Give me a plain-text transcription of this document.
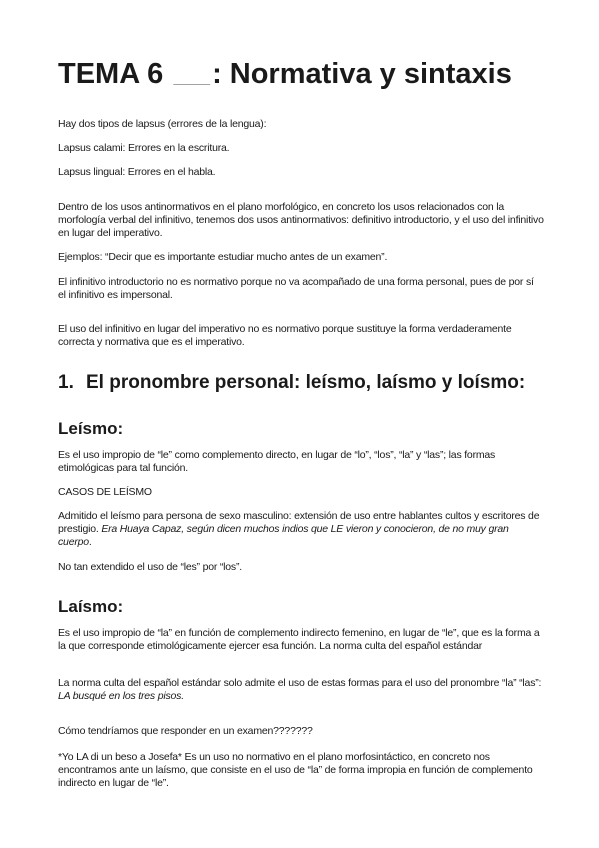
TEMA 6 ___________: Normativa y sintaxis

Hay dos tipos de lapsus (errores de la lengua):

Lapsus calami: Errores en la escritura.

Lapsus lingual: Errores en el habla.

Dentro de los usos antinormativos en el plano morfológico, en concreto los usos relacionados con la morfología verbal del infinitivo, tenemos dos usos antinormativos: definitivo introductorio, y el uso del infinitivo en lugar del imperativo.

Ejemplos: “Decir que es importante estudiar mucho antes de un examen”.

El infinitivo introductorio no es normativo porque no va acompañado de una forma personal, pues de por sí el infinitivo es impersonal.

El uso del infinitivo en lugar del imperativo no es normativo porque sustituye la forma verdaderamente correcta y normativa que es el imperativo.

1. El pronombre personal: leísmo, laísmo y loísmo:
Leísmo:

Es el uso impropio de “le” como complemento directo, en lugar de “lo”, “los”, “la” y “las”; las formas etimológicas para tal función.

CASOS DE LEÍSMO

Admitido el leísmo para persona de sexo masculino: extensión de uso entre hablantes cultos y escritores de prestigio. Era Huaya Capaz, según dicen muchos indios que LE vieron y conocieron, de no muy gran cuerpo.

No tan extendido el uso de “les” por “los”.

Laísmo:

Es el uso impropio de “la” en función de complemento indirecto femenino, en lugar de “le”, que es la forma a la que corresponde etimológicamente ejercer esa función. La norma culta del español estándar

La norma culta del español estándar solo admite el uso de estas formas para el uso del pronombre “la” “las”: LA busqué en los tres pisos.

Cómo tendríamos que responder en un examen???????

*Yo LA di un beso a Josefa* Es un uso no normativo en el plano morfosintáctico, en concreto nos encontramos ante un laísmo, que consiste en el uso de “la” de forma impropia en función de complemento indirecto en lugar de “le”.
